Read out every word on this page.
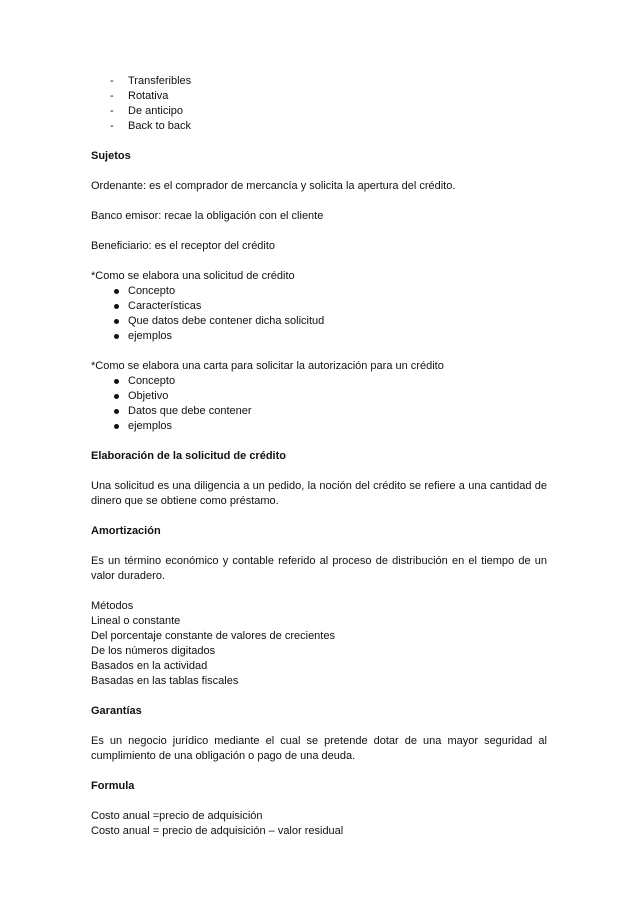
- Transferibles
- Rotativa
- De anticipo
- Back to back

Sujetos

Ordenante: es el comprador de mercancía y solicita la apertura del crédito.

Banco emisor: recae la obligación con el cliente

Beneficiario: es el receptor del crédito

*Como se elabora una solicitud de crédito

Concepto
Características
Que datos debe contener dicha solicitud
ejemplos

*Como se elabora una carta para solicitar la autorización para un crédito

Concepto
Objetivo
Datos que debe contener
ejemplos

Elaboración de la solicitud de crédito

Una solicitud es una diligencia a un pedido, la noción del crédito se refiere a una cantidad de dinero que se obtiene como préstamo.

Amortización

Es un término económico y contable referido al proceso de distribución en el tiempo de un valor duradero.

Métodos
Lineal o constante
Del porcentaje constante de valores de crecientes
De los números digitados
Basados en la actividad
Basadas en las tablas fiscales

Garantías

Es un negocio jurídico mediante el cual se pretende dotar de una mayor seguridad al cumplimiento de una obligación o pago de una deuda.

Formula

Costo anual =precio de adquisición
Costo anual = precio de adquisición – valor residual
